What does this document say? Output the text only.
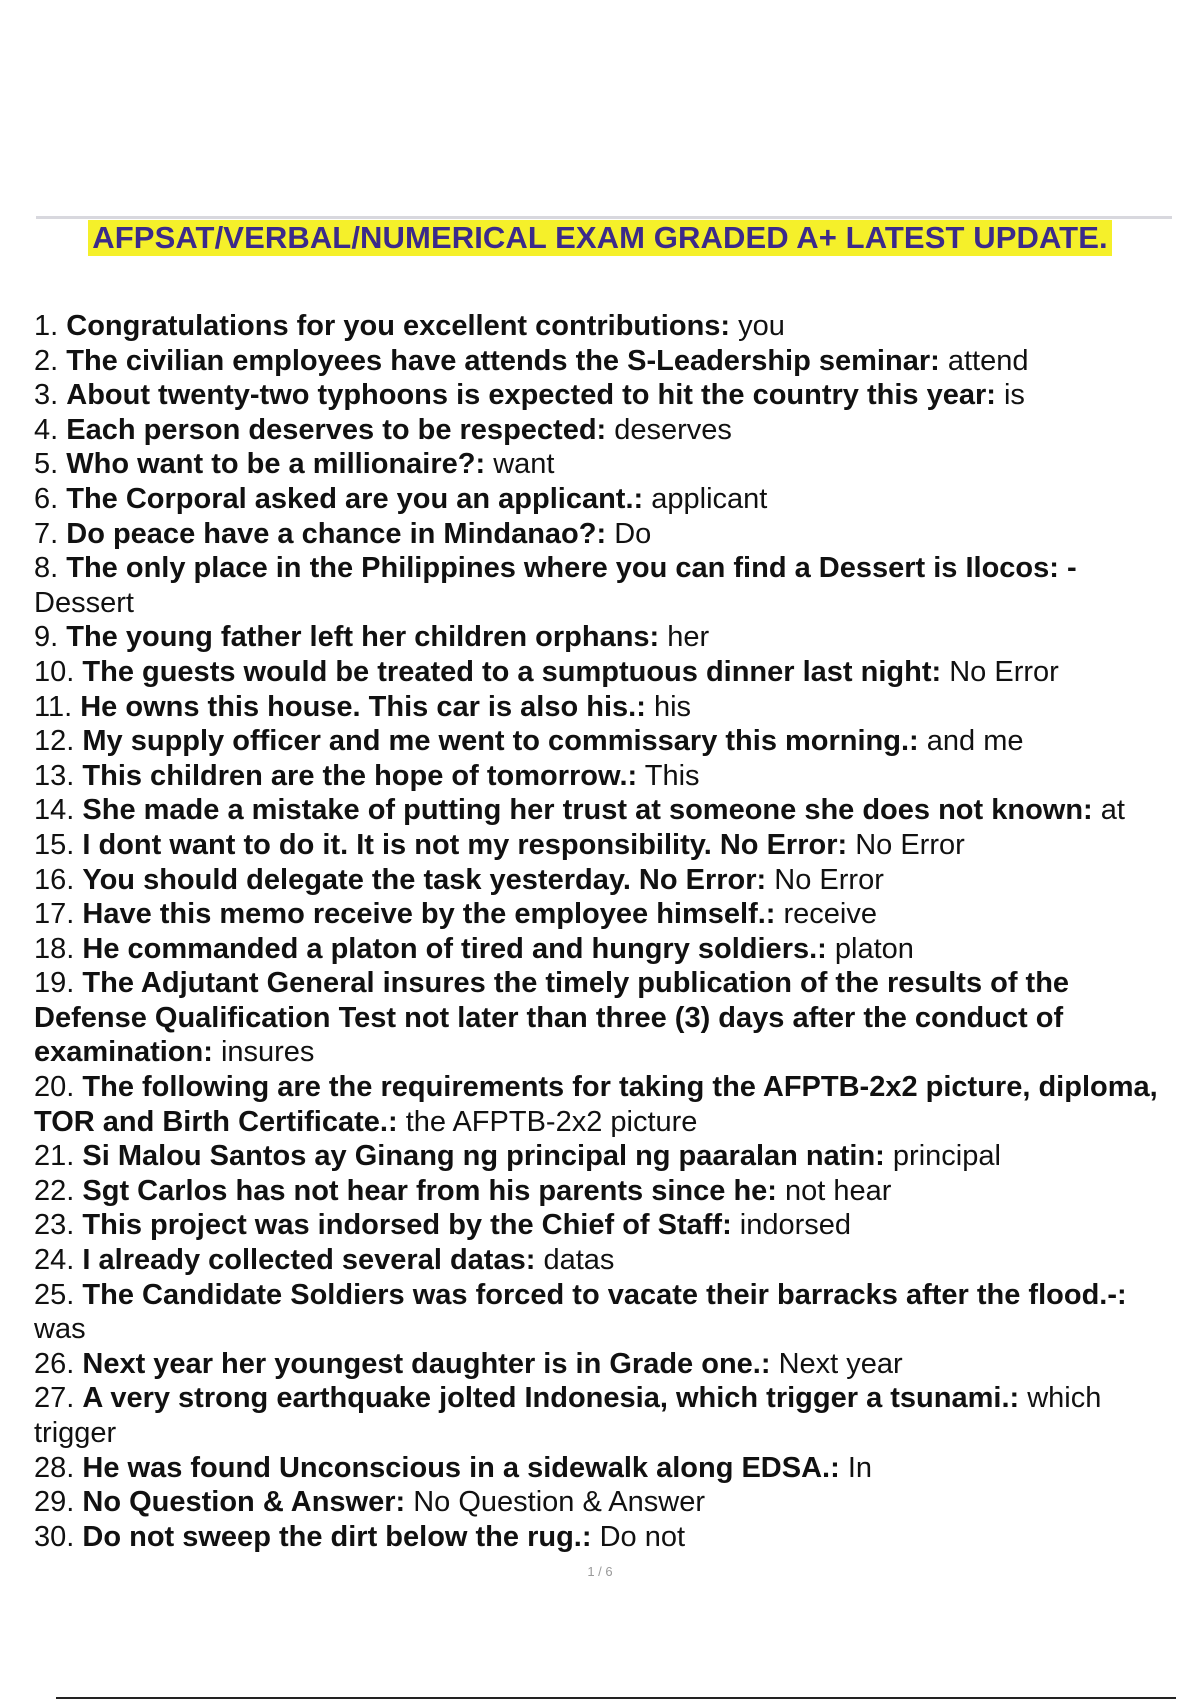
AFPSAT/VERBAL/NUMERICAL EXAM GRADED A+ LATEST UPDATE.
1. Congratulations for you excellent contributions: you
2. The civilian employees have attends the S-Leadership seminar: attend
3. About twenty-two typhoons is expected to hit the country this year: is
4. Each person deserves to be respected: deserves
5. Who want to be a millionaire?: want
6. The Corporal asked are you an applicant.: applicant
7. Do peace have a chance in Mindanao?: Do
8. The only place in the Philippines where you can find a Dessert is Ilocos: - Dessert
9. The young father left her children orphans: her
10. The guests would be treated to a sumptuous dinner last night: No Error
11. He owns this house. This car is also his.: his
12. My supply officer and me went to commissary this morning.: and me
13. This children are the hope of tomorrow.: This
14. She made a mistake of putting her trust at someone she does not known: at
15. I dont want to do it. It is not my responsibility. No Error: No Error
16. You should delegate the task yesterday. No Error: No Error
17. Have this memo receive by the employee himself.: receive
18. He commanded a platon of tired and hungry soldiers.: platon
19. The Adjutant General insures the timely publication of the results of the Defense Qualification Test not later than three (3) days after the conduct of examination: insures
20. The following are the requirements for taking the AFPTB-2x2 picture, diploma, TOR and Birth Certificate.: the AFPTB-2x2 picture
21. Si Malou Santos ay Ginang ng principal ng paaralan natin: principal
22. Sgt Carlos has not hear from his parents since he: not hear
23. This project was indorsed by the Chief of Staff: indorsed
24. I already collected several datas: datas
25. The Candidate Soldiers was forced to vacate their barracks after the flood.-: was
26. Next year her youngest daughter is in Grade one.: Next year
27. A very strong earthquake jolted Indonesia, which trigger a tsunami.: which trigger
28. He was found Unconscious in a sidewalk along EDSA.: In
29. No Question & Answer: No Question & Answer
30. Do not sweep the dirt below the rug.: Do not
1 / 6
